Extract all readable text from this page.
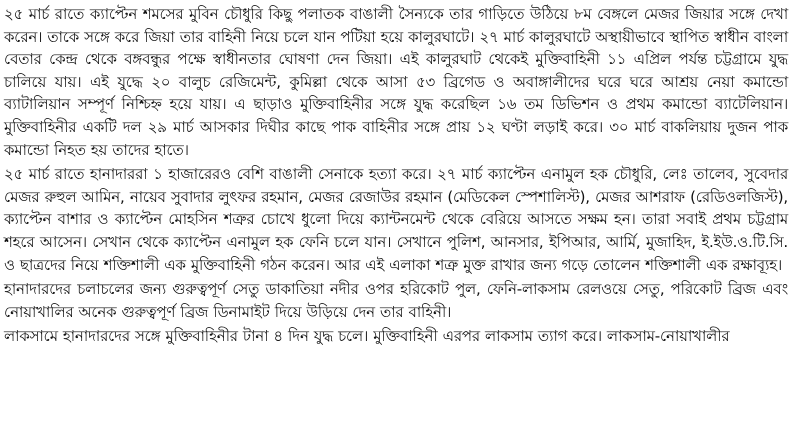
২৫ মার্চ রাতে ক্যাপ্টেন শমসের মুবিন চৌধুরি কিছু পলাতক বাঙালী সৈন্যকে তার গাড়িতে উঠিয়ে ৮ম বেঙ্গলে মেজর জিয়ার সঙ্গে দেখা করেন। তাকে সঙ্গে করে জিয়া তার বাহিনী নিয়ে চলে যান পটিয়া হয়ে কালুরঘাটে। ২৭ মার্চ কালুরঘাটে অস্থায়ীভাবে স্থাপিত স্বাধীন বাংলা বেতার কেন্দ্র থেকে বঙ্গবন্ধুর পক্ষে স্বাধীনতার ঘোষণা দেন জিয়া। এই কালুরঘাট থেকেই মুক্তিবাহিনী ১১ এপ্রিল পর্যন্ত চট্টগ্রামে যুদ্ধ চালিয়ে যায়। এই যুদ্ধে ২০ বালুচ রেজিমেন্ট, কুমিল্লা থেকে আসা ৫৩ ব্রিগেড ও অবাঙ্গালীদের ঘরে ঘরে আশ্রয় নেয়া কমান্ডো ব্যাটালিয়ান সম্পূর্ণ নিশ্চিহ্ন হয়ে যায়। এ ছাড়াও মুক্তিবাহিনীর সঙ্গে যুদ্ধ করেছিল ১৬ তম ডিভিশন ও প্রথম কমান্ডো ব্যাটেলিয়ান। মুক্তিবাহিনীর একটি দল ২৯ মার্চ আসকার দিঘীর কাছে পাক বাহিনীর সঙ্গে প্রায় ১২ ঘণ্টা লড়াই করে। ৩০ মার্চ বাকলিয়ায় দুজন পাক কমান্ডো নিহত হয় তাদের হাতে।

২৫ মার্চ রাতে হানাদাররা ১ হাজারেরও বেশি বাঙালী সেনাকে হত্যা করে। ২৭ মার্চ ক্যাপ্টেন এনামুল হক চৌধুরি, লেঃ তালেব, সুবেদার মেজর রুহুল আমিন, নায়েব সুবাদার লুৎফর রহমান, মেজর রেজাউর রহমান (মেডিকেল স্পেশালিস্ট), মেজর আশরাফ (রেডিওলজিস্ট), ক্যাপ্টেন বাশার ও ক্যাপ্টেন মোহসিন শত্রুর চোখে ধুলো দিয়ে ক্যান্টনমেন্ট থেকে বেরিয়ে আসতে সক্ষম হন। তারা সবাই প্রথম চট্টগ্রাম শহরে আসেন। সেখান থেকে ক্যাপ্টেন এনামুল হক ফেনি চলে যান। সেখানে পুলিশ, আনসার, ইপিআর, আর্মি, মুজাহিদ, ই.ইউ.ও.টি.সি. ও ছাত্রদের নিয়ে শক্তিশালী এক মুক্তিবাহিনী গঠন করেন। আর এই এলাকা শত্রু মুক্ত রাখার জন্য গড়ে তোলেন শক্তিশালী এক রক্ষাব্যূহ।

হানাদারদের চলাচলের জন্য গুরুত্বপূর্ণ সেতু ডাকাতিয়া নদীর ওপর হরিকোট পুল, ফেনি-লাকসাম রেলওয়ে সেতু, পরিকোট ব্রিজ এবং নোয়াখালির অনেক গুরুত্বপূর্ণ ব্রিজ ডিনামাইট দিয়ে উড়িয়ে দেন তার বাহিনী।

লাকসামে হানাদারদের সঙ্গে মুক্তিবাহিনীর টানা ৪ দিন যুদ্ধ চলে। মুক্তিবাহিনী এরপর লাকসাম ত্যাগ করে। লাকসাম-নোয়াখালীর
